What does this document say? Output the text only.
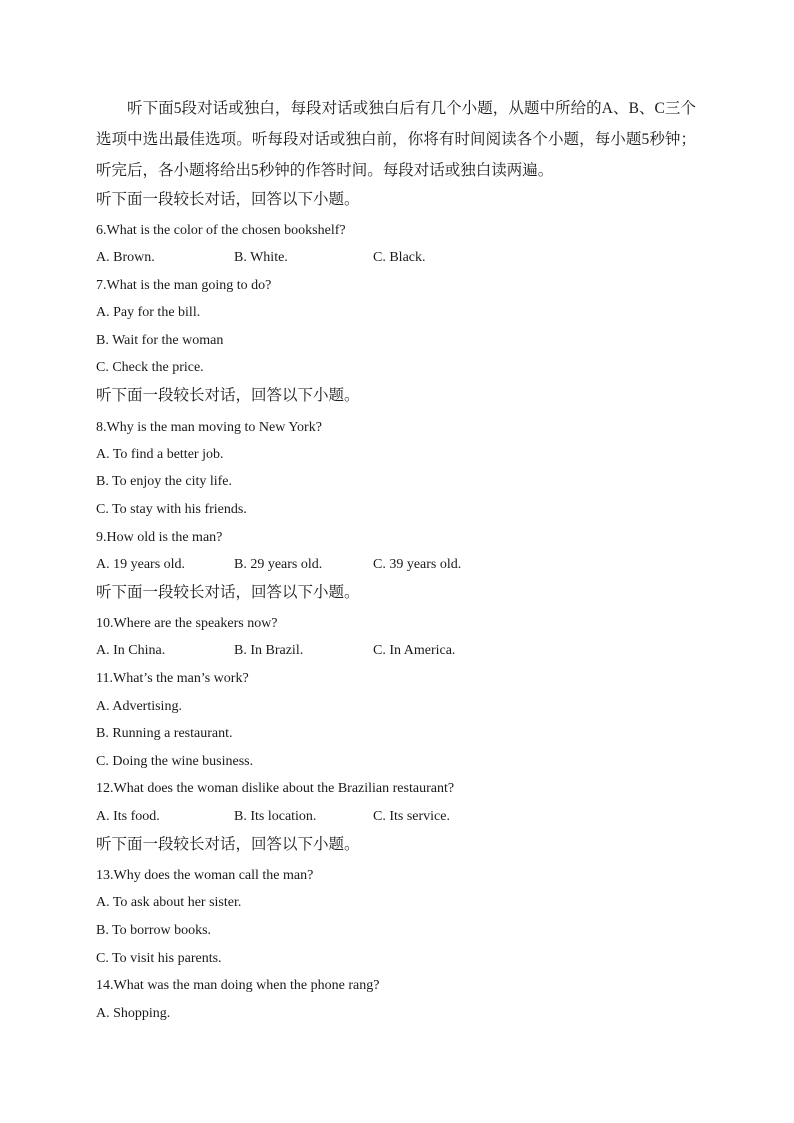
听下面5段对话或独白，每段对话或独白后有几个小题，从题中所给的A、B、C三个选项中选出最佳选项。听每段对话或独白前，你将有时间阅读各个小题，每小题5秒钟；听完后，各小题将给出5秒钟的作答时间。每段对话或独白读两遍。

听下面一段较长对话，回答以下小题。

6.What is the color of the chosen bookshelf?

A. Brown.	B. White.	C. Black.

7.What is the man going to do?

A. Pay for the bill.

B. Wait for the woman

C. Check the price.

听下面一段较长对话，回答以下小题。

8.Why is the man moving to New York?

A. To find a better job.

B. To enjoy the city life.

C. To stay with his friends.

9.How old is the man?

A. 19 years old.	B. 29 years old.	C. 39 years old.

听下面一段较长对话，回答以下小题。

10.Where are the speakers now?

A. In China.	B. In Brazil.	C. In America.

11.What’s the man’s work?

A. Advertising.

B. Running a restaurant.

C. Doing the wine business.

12.What does the woman dislike about the Brazilian restaurant?

A. Its food.	B. Its location.	C. Its service.

听下面一段较长对话，回答以下小题。

13.Why does the woman call the man?

A. To ask about her sister.

B. To borrow books.

C. To visit his parents.

14.What was the man doing when the phone rang?

A. Shopping.
